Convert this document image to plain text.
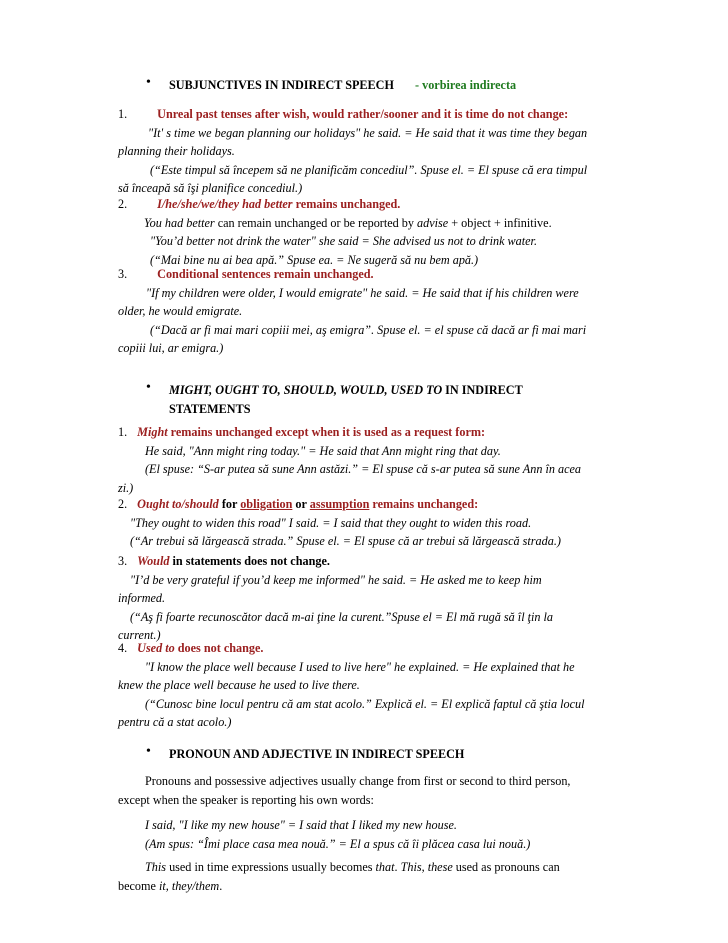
• SUBJUNCTIVES IN INDIRECT SPEECH - vorbirea indirecta
1. Unreal past tenses after wish, would rather/sooner and it is time do not change:
"It' s time we began planning our holidays" he said. = He said that it was time they began
planning their holidays.
(“Este timpul să începem să ne planificăm concediul”. Spuse el. = El spuse că era timpul
să înceapă să îşi planifice concediul.)
2. I/he/she/we/they had better remains unchanged.
You had better can remain unchanged or be reported by advise + object + infinitive.
"You’d better not drink the water" she said = She advised us not to drink water.
(“Mai bine nu ai bea apă.” Spuse ea. = Ne sugeră să nu bem apă.)
3. Conditional sentences remain unchanged.
"If my children were older, I would emigrate" he said. = He said that if his children were
older, he would emigrate.
(“Dacă ar fi mai mari copiii mei, aş emigra”. Spuse el. = el spuse că dacă ar fi mai mari
copiii lui, ar emigra.)
• MIGHT, OUGHT TO, SHOULD, WOULD, USED TO IN INDIRECT
STATEMENTS
1. Might remains unchanged except when it is used as a request form:
He said, "Ann might ring today." = He said that Ann might ring that day.
(El spuse: “S-ar putea să sune Ann astăzi.” = El spuse că s-ar putea să sune Ann în acea
zi.)
2. Ought to/should for obligation or assumption remains unchanged:
"They ought to widen this road" I said. = I said that they ought to widen this road.
(“Ar trebui să lărgească strada.” Spuse el. = El spuse că ar trebui să lărgească strada.)
3. Would in statements does not change.
"I’d be very grateful if you’d keep me informed" he said. = He asked me to keep him
informed.
(“Aş fi foarte recunoscător dacă m-ai ţine la curent.”Spuse el = El mă rugă să îl ţin la
current.)
4. Used to does not change.
"I know the place well because I used to live here" he explained. = He explained that he
knew the place well because he used to live there.
(“Cunosc bine locul pentru că am stat acolo.” Explică el. = El explică faptul că ştia locul
pentru că a stat acolo.)
• PRONOUN AND ADJECTIVE IN INDIRECT SPEECH
Pronouns and possessive adjectives usually change from first or second to third person,
except when the speaker is reporting his own words:
I said, "I like my new house" = I said that I liked my new house.
(Am spus: “Îmi place casa mea nouă.” = El a spus că îi plăcea casa lui nouă.)
This used in time expressions usually becomes that. This, these used as pronouns can
become it, they/them.
